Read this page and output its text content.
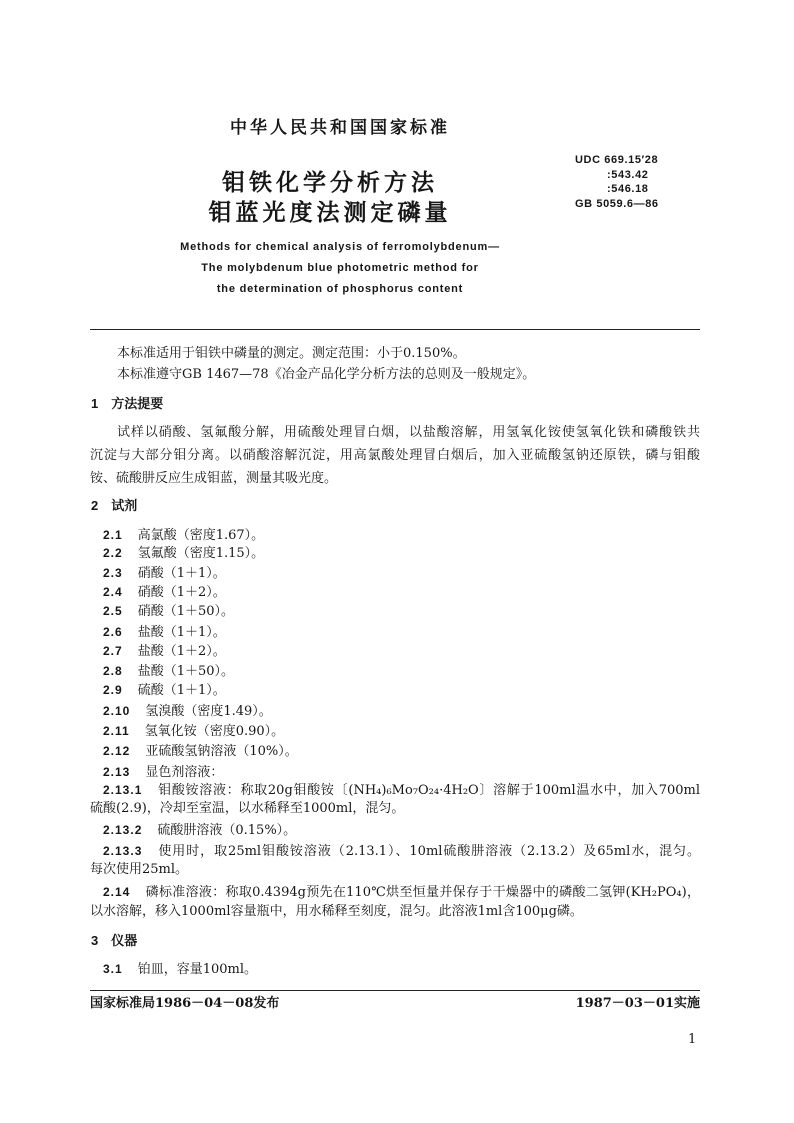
中华人民共和国国家标准
钼铁化学分析方法
钼蓝光度法测定磷量
UDC 669.15′28
:543.42
:546.18
GB 5059.6—86
Methods for chemical analysis of ferromolybdenum—
The molybdenum blue photometric method for
the determination of phosphorus content
本标准适用于钼铁中磷量的测定。测定范围：小于0.150%。
本标准遵守GB 1467—78《冶金产品化学分析方法的总则及一般规定》。
1 方法提要
试样以硝酸、氢氟酸分解，用硫酸处理冒白烟，以盐酸溶解，用氢氧化铵使氢氧化铁和磷酸铁共
沉淀与大部分钼分离。以硝酸溶解沉淀，用高氯酸处理冒白烟后，加入亚硫酸氢钠还原铁，磷与钼酸
铵、硫酸肼反应生成钼蓝，测量其吸光度。
2 试剂
2.1 高氯酸（密度1.67）。
2.2 氢氟酸（密度1.15）。
2.3 硝酸（1＋1）。
2.4 硝酸（1＋2）。
2.5 硝酸（1＋50）。
2.6 盐酸（1＋1）。
2.7 盐酸（1＋2）。
2.8 盐酸（1＋50）。
2.9 硫酸（1＋1）。
2.10 氢溴酸（密度1.49）。
2.11 氢氧化铵（密度0.90）。
2.12 亚硫酸氢钠溶液（10%）。
2.13 显色剂溶液：
2.13.1 钼酸铵溶液：称取20g钼酸铵〔(NH₄)₆Mo₇O₂₄·4H₂O〕溶解于100ml温水中，加入700ml
硫酸(2.9)，冷却至室温，以水稀释至1000ml，混匀。
2.13.2 硫酸肼溶液（0.15%）。
2.13.3 使用时，取25ml钼酸铵溶液（2.13.1）、10ml硫酸肼溶液（2.13.2）及65ml水，混匀。
每次使用25ml。
2.14 磷标准溶液：称取0.4394g预先在110℃烘至恒量并保存于干燥器中的磷酸二氢钾(KH₂PO₄)，
以水溶解，移入1000ml容量瓶中，用水稀释至刻度，混匀。此溶液1ml含100μg磷。
3 仪器
3.1 铂皿，容量100ml。
国家标准局1986－04－08发布	1987－03－01实施
1
